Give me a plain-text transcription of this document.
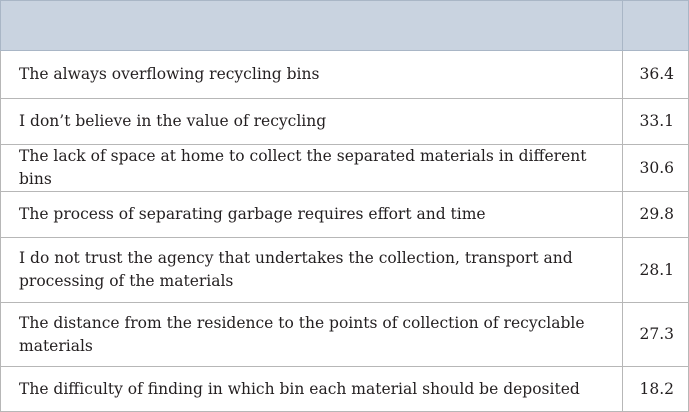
The always overflowing recycling bins	36.4
I don’t believe in the value of recycling	33.1
The lack of space at home to collect the separated materials in different bins	30.6
The process of separating garbage requires effort and time	29.8
I do not trust the agency that undertakes the collection, transport and processing of the materials	28.1
The distance from the residence to the points of collection of recyclable materials	27.3
The difficulty of finding in which bin each material should be deposited	18.2
